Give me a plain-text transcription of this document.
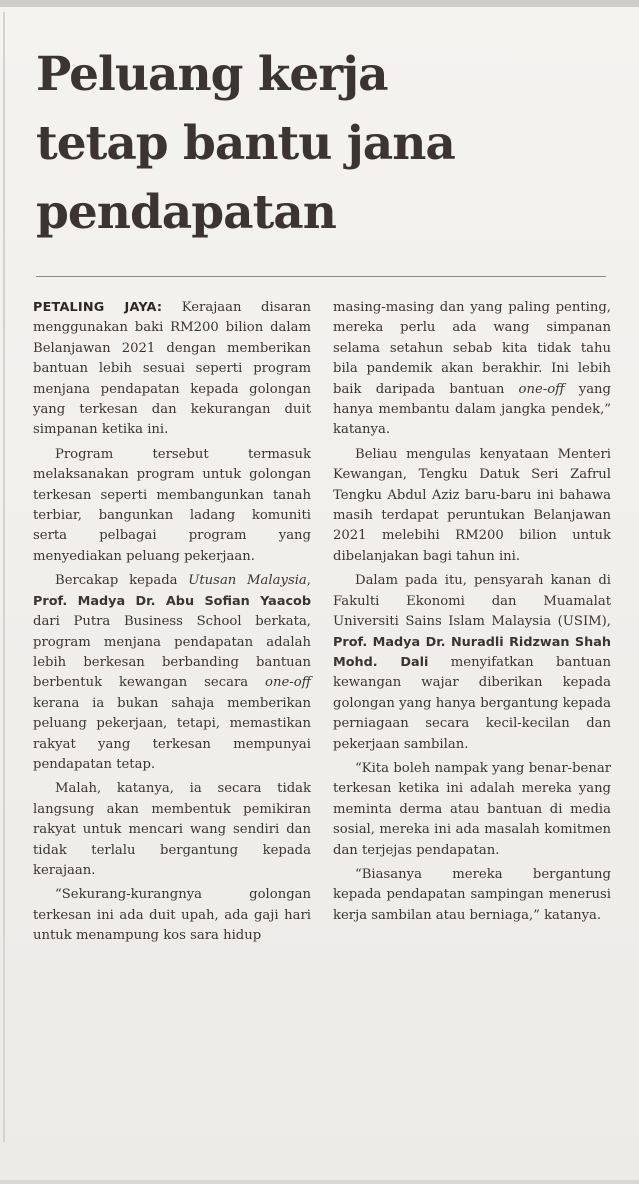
Peluang kerja
tetap bantu jana
pendapatan

PETALING JAYA: Kerajaan disaran menggunakan baki RM200 bilion dalam Belanjawan 2021 dengan memberikan bantuan lebih sesuai seperti program menjana pendapatan kepada golongan yang terkesan dan kekurangan duit simpanan ketika ini.

Program tersebut termasuk melaksanakan program untuk golongan terkesan seperti membangunkan tanah terbiar, bangunkan ladang komuniti serta pelbagai program yang menyediakan peluang pekerjaan.

Bercakap kepada Utusan Malaysia, Prof. Madya Dr. Abu Sofian Yaacob dari Putra Business School berkata, program menjana pendapatan adalah lebih berkesan berbanding bantuan berbentuk kewangan secara one-off kerana ia bukan sahaja memberikan peluang pekerjaan, tetapi, memastikan rakyat yang terkesan mempunyai pendapatan tetap.

Malah, katanya, ia secara tidak langsung akan membentuk pemikiran rakyat untuk mencari wang sendiri dan tidak terlalu bergantung kepada kerajaan.

“Sekurang-kurangnya golongan terkesan ini ada duit upah, ada gaji hari untuk menampung kos sara hidup

masing-masing dan yang paling penting, mereka perlu ada wang simpanan selama setahun sebab kita tidak tahu bila pandemik akan berakhir. Ini lebih baik daripada bantuan one-off yang hanya membantu dalam jangka pendek,” katanya.

Beliau mengulas kenyataan Menteri Kewangan, Tengku Datuk Seri Zafrul Tengku Abdul Aziz baru-baru ini bahawa masih terdapat peruntukan Belanjawan 2021 melebihi RM200 bilion untuk dibelanjakan bagi tahun ini.

Dalam pada itu, pensyarah kanan di Fakulti Ekonomi dan Muamalat Universiti Sains Islam Malaysia (USIM), Prof. Madya Dr. Nuradli Ridzwan Shah Mohd. Dali menyifatkan bantuan kewangan wajar diberikan kepada golongan yang hanya bergantung kepada perniagaan secara kecil-kecilan dan pekerjaan sambilan.

“Kita boleh nampak yang benar-benar terkesan ketika ini adalah mereka yang meminta derma atau bantuan di media sosial, mereka ini ada masalah komitmen dan terjejas pendapatan.

“Biasanya mereka bergantung kepada pendapatan sampingan menerusi kerja sambilan atau berniaga,” katanya.
